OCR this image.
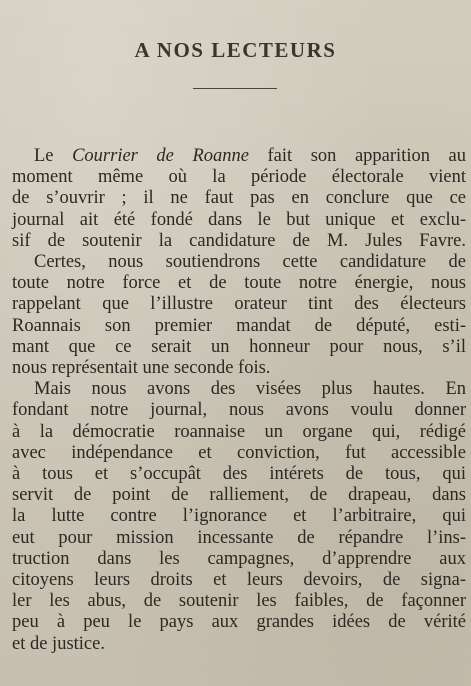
A NOS LECTEURS

Le Courrier de Roanne fait son apparition au
moment même où la période électorale vient
de s’ouvrir ; il ne faut pas en conclure que ce
journal ait été fondé dans le but unique et exclu-
sif de soutenir la candidature de M. Jules Favre.

Certes, nous soutiendrons cette candidature de
toute notre force et de toute notre énergie, nous
rappelant que l’illustre orateur tint des électeurs
Roannais son premier mandat de député, esti-
mant que ce serait un honneur pour nous, s’il
nous représentait une seconde fois.

Mais nous avons des visées plus hautes. En
fondant notre journal, nous avons voulu donner
à la démocratie roannaise un organe qui, rédigé
avec indépendance et conviction, fut accessible
à tous et s’occupât des intérets de tous, qui
servit de point de ralliement, de drapeau, dans
la lutte contre l’ignorance et l’arbitraire, qui
eut pour mission incessante de répandre l’ins-
truction dans les campagnes, d’apprendre aux
citoyens leurs droits et leurs devoirs, de signa-
ler les abus, de soutenir les faibles, de façonner
peu à peu le pays aux grandes idées de vérité
et de justice.
